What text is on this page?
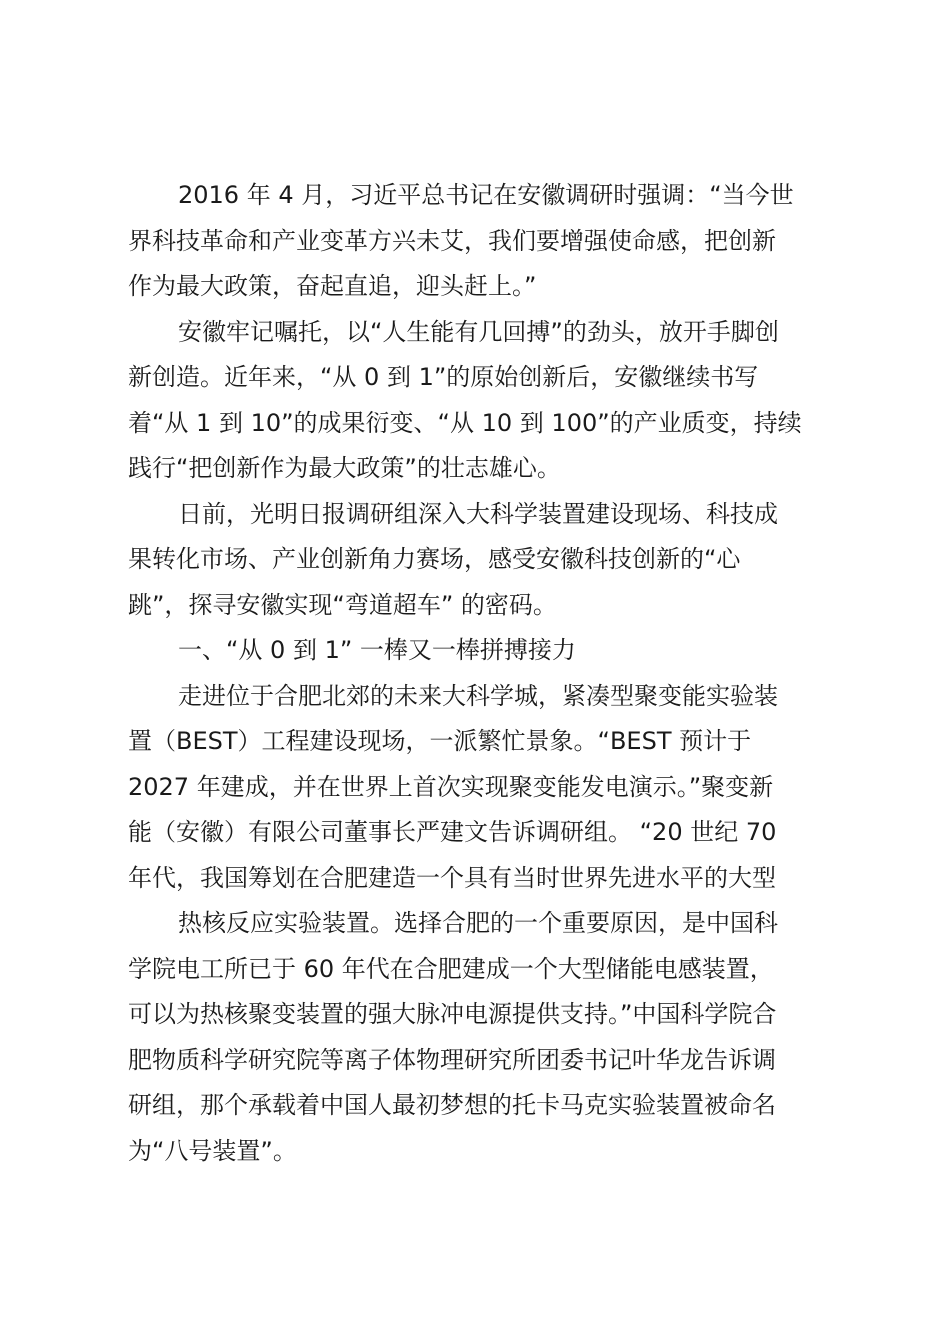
2016 年 4 月，习近平总书记在安徽调研时强调：“当今世
界科技革命和产业变革方兴未艾，我们要增强使命感，把创新
作为最大政策，奋起直追，迎头赶上。”
安徽牢记嘱托，以“人生能有几回搏”的劲头，放开手脚创
新创造。近年来，“从 0 到 1”的原始创新后，安徽继续书写
着“从 1 到 10”的成果衍变、“从 10 到 100”的产业质变，持续
践行“把创新作为最大政策”的壮志雄心。
日前，光明日报调研组深入大科学装置建设现场、科技成
果转化市场、产业创新角力赛场，感受安徽科技创新的“心
跳”，探寻安徽实现“弯道超车” 的密码。
一、“从 0 到 1” 一棒又一棒拼搏接力
走进位于合肥北郊的未来大科学城，紧凑型聚变能实验装
置（BEST）工程建设现场，一派繁忙景象。“BEST 预计于
2027 年建成，并在世界上首次实现聚变能发电演示。”聚变新
能（安徽）有限公司董事长严建文告诉调研组。 “20 世纪 70
年代，我国筹划在合肥建造一个具有当时世界先进水平的大型
热核反应实验装置。选择合肥的一个重要原因，是中国科
学院电工所已于 60 年代在合肥建成一个大型储能电感装置，
可以为热核聚变装置的强大脉冲电源提供支持。”中国科学院合
肥物质科学研究院等离子体物理研究所团委书记叶华龙告诉调
研组，那个承载着中国人最初梦想的托卡马克实验装置被命名
为“八号装置”。
